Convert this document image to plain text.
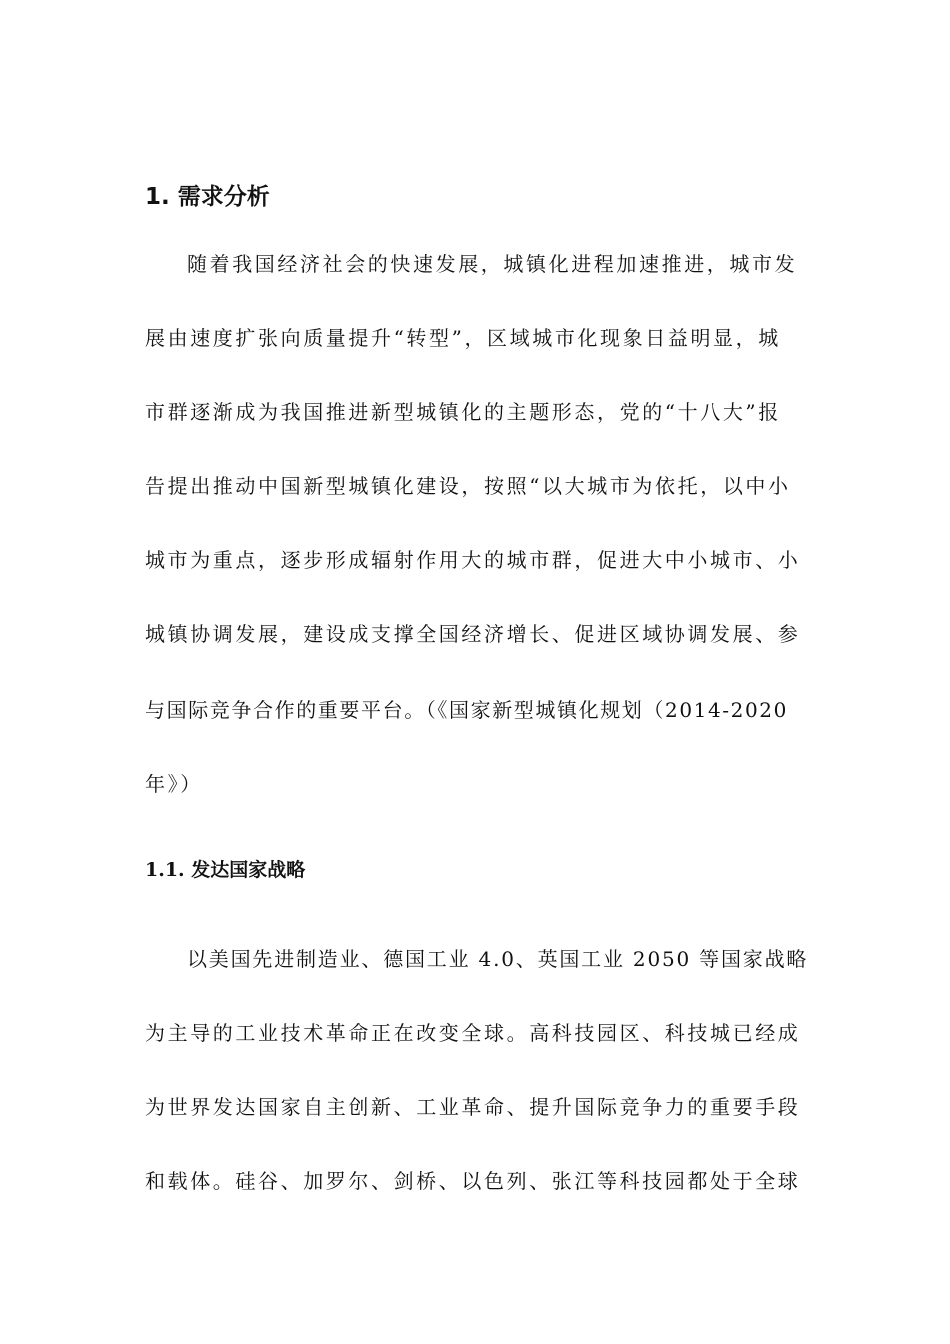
1. 需求分析
随着我国经济社会的快速发展，城镇化进程加速推进，城市发
展由速度扩张向质量提升“转型”，区域城市化现象日益明显，城
市群逐渐成为我国推进新型城镇化的主题形态，党的“十八大”报
告提出推动中国新型城镇化建设，按照“以大城市为依托，以中小
城市为重点，逐步形成辐射作用大的城市群，促进大中小城市、小
城镇协调发展，建设成支撑全国经济增长、促进区域协调发展、参
与国际竞争合作的重要平台。（《国家新型城镇化规划（2014-2020
年》）
1.1. 发达国家战略
以美国先进制造业、德国工业 4.0、英国工业 2050 等国家战略
为主导的工业技术革命正在改变全球。高科技园区、科技城已经成
为世界发达国家自主创新、工业革命、提升国际竞争力的重要手段
和载体。硅谷、加罗尔、剑桥、以色列、张江等科技园都处于全球
